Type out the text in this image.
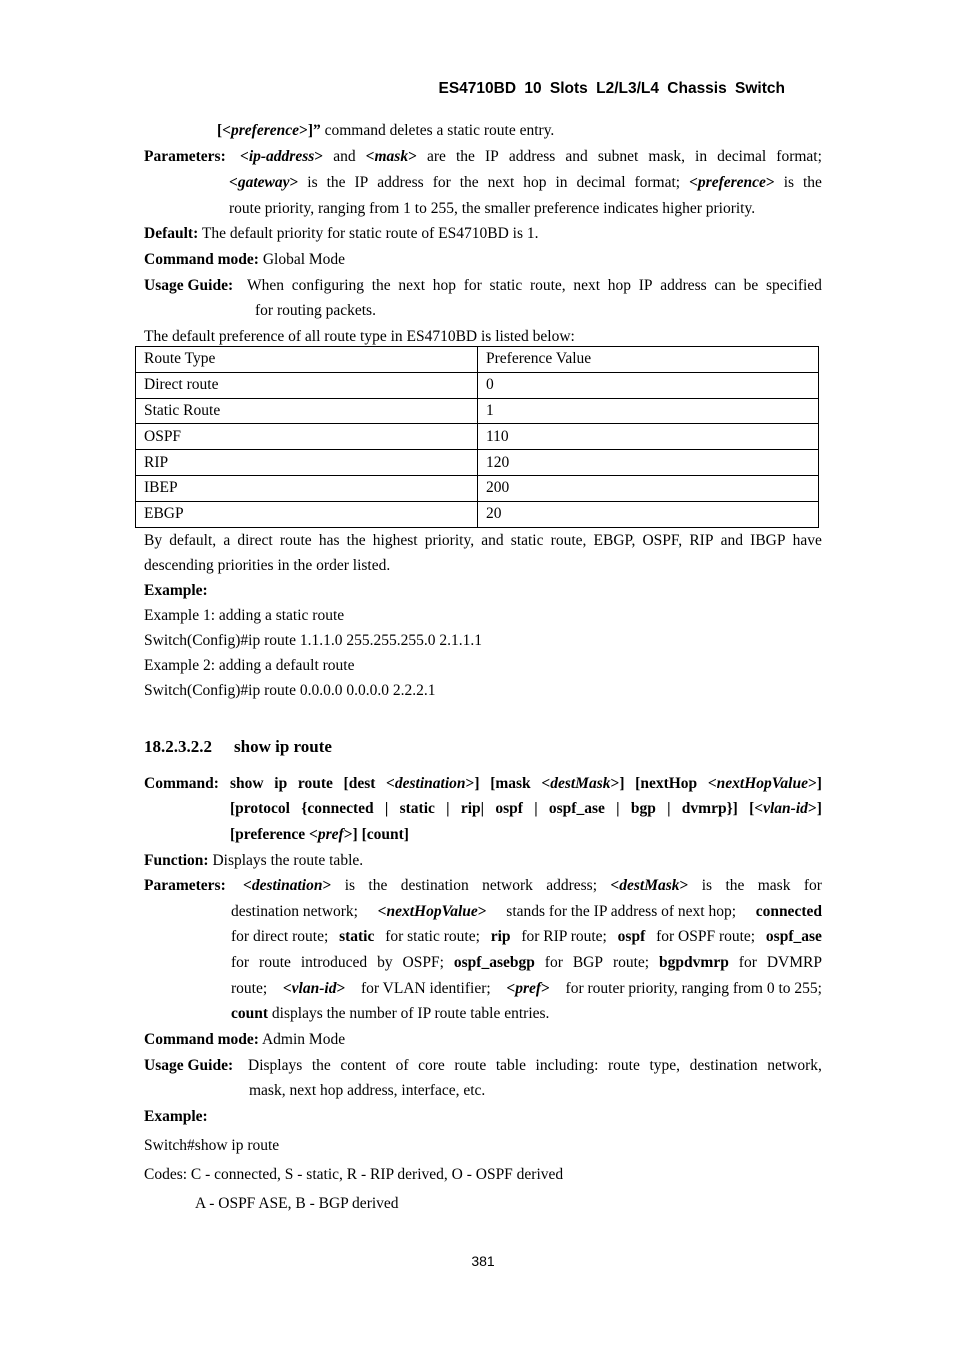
ES4710BD 10 Slots L2/L3/L4 Chassis Switch
[<preference>]” command deletes a static route entry.
Parameters: <ip-address> and <mask> are the IP address and subnet mask, in decimal format;
<gateway> is the IP address for the next hop in decimal format; <preference> is the
route priority, ranging from 1 to 255, the smaller preference indicates higher priority.
Default: The default priority for static route of ES4710BD is 1.
Command mode: Global Mode
Usage Guide: When configuring the next hop for static route, next hop IP address can be specified
for routing packets.
The default preference of all route type in ES4710BD is listed below:
Route Type	Preference Value
Direct route	0
Static Route	1
OSPF	110
RIP	120
IBEP	200
EBGP	20
By default, a direct route has the highest priority, and static route, EBGP, OSPF, RIP and IBGP have
descending priorities in the order listed.
Example:
Example 1: adding a static route
Switch(Config)#ip route 1.1.1.0 255.255.255.0 2.1.1.1
Example 2: adding a default route
Switch(Config)#ip route 0.0.0.0 0.0.0.0 2.2.2.1
18.2.3.2.2 show ip route
Command: show ip route [dest <destination>] [mask <destMask>] [nextHop <nextHopValue>]
[protocol {connected | static | rip| ospf | ospf_ase | bgp | dvmrp}] [<vlan-id>]
[preference <pref>] [count]
Function: Displays the route table.
Parameters: <destination> is the destination network address; <destMask> is the mask for
destination network; <nextHopValue> stands for the IP address of next hop; connected
for direct route; static for static route; rip for RIP route; ospf for OSPF route; ospf_ase
for route introduced by OSPF; ospf_asebgp for BGP route; bgpdvmrp for DVMRP
route; <vlan-id> for VLAN identifier; <pref> for router priority, ranging from 0 to 255;
count displays the number of IP route table entries.
Command mode: Admin Mode
Usage Guide: Displays the content of core route table including: route type, destination network,
mask, next hop address, interface, etc.
Example:
Switch#show ip route
Codes: C - connected, S - static, R - RIP derived, O - OSPF derived
A - OSPF ASE, B - BGP derived
381
